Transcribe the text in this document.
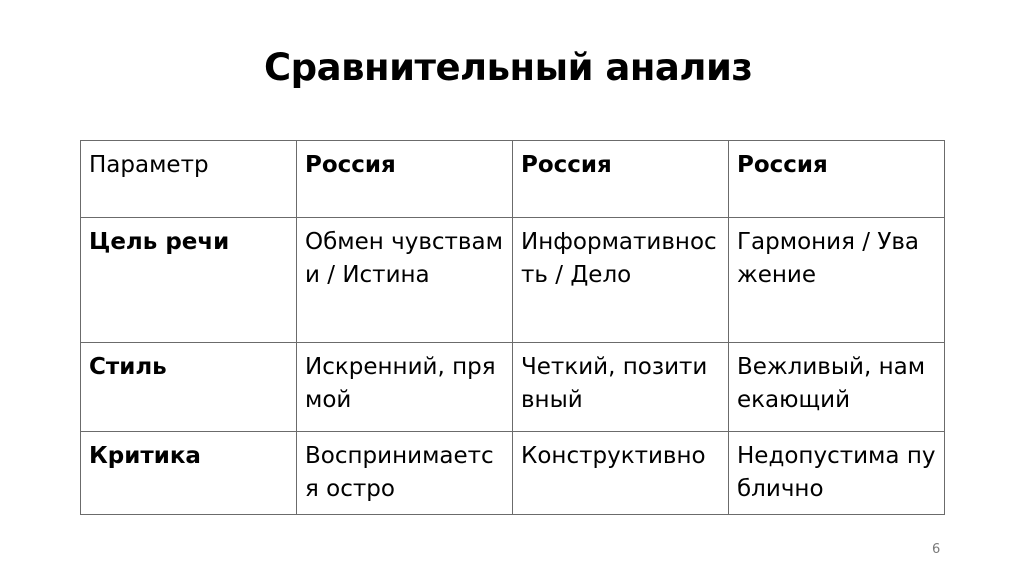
Сравнительный анализ
Параметр	Россия	Россия	Россия
Цель речи	Обмен чувствами / Истина	Информативность / Дело	Гармония / Уважение
Стиль	Искренний, прямой	Четкий, позитивный	Вежливый, намекающий
Критика	Воспринимается остро	Конструктивно	Недопустима публично
6
